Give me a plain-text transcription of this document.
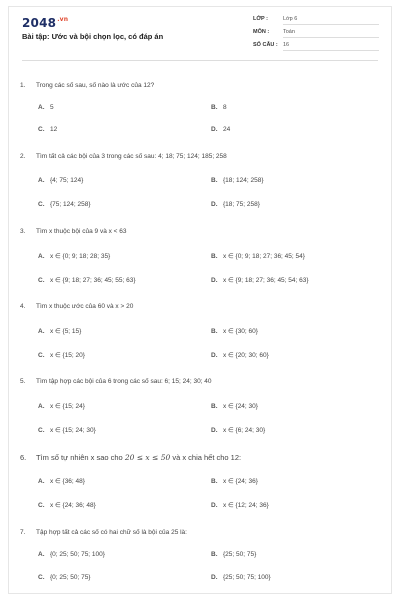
$2048^{.vn}$
Bài tập: Ước và bội chọn lọc, có đáp án
LỚP :	Lớp 6
MÔN :	Toán
SỐ CÂU : 16
1. Trong các số sau, số nào là ước của 12?
A. 5	B. 8
C. 12	D. 24
2. Tìm tất cả các bội của 3 trong các số sau: 4; 18; 75; 124; 185; 258
A. {4; 75; 124}	B. {18; 124; 258}
C. {75; 124; 258}	D. {18; 75; 258}
3. Tìm x thuộc bội của 9 và x < 63
A. x ∈ {0; 9; 18; 28; 35}	B. x ∈ {0; 9; 18; 27; 36; 45; 54}
C. x ∈ {9; 18; 27; 36; 45; 55; 63}	D. x ∈ {9; 18; 27; 36; 45; 54; 63}
4. Tìm x thuộc ước của 60 và x > 20
A. x ∈ {5; 15}	B. x ∈ {30; 60}
C. x ∈ {15; 20}	D. x ∈ {20; 30; 60}
5. Tìm tập hợp các bội của 6 trong các số sau: 6; 15; 24; 30; 40
A. x ∈ {15; 24}	B. x ∈ {24; 30}
C. x ∈ {15; 24; 30}	D. x ∈ {6; 24; 30}
6. Tìm số tự nhiên x sao cho 20 ≤ x ≤ 50 và x chia hết cho 12:
A. x ∈ {36; 48}	B. x ∈ {24; 36}
C. x ∈ {24; 36; 48}	D. x ∈ {12; 24; 36}
7. Tập hợp tất cả các số có hai chữ số là bội của 25 là:
A. {0; 25; 50; 75; 100}	B. {25; 50; 75}
C. {0; 25; 50; 75}	D. {25; 50; 75; 100}
